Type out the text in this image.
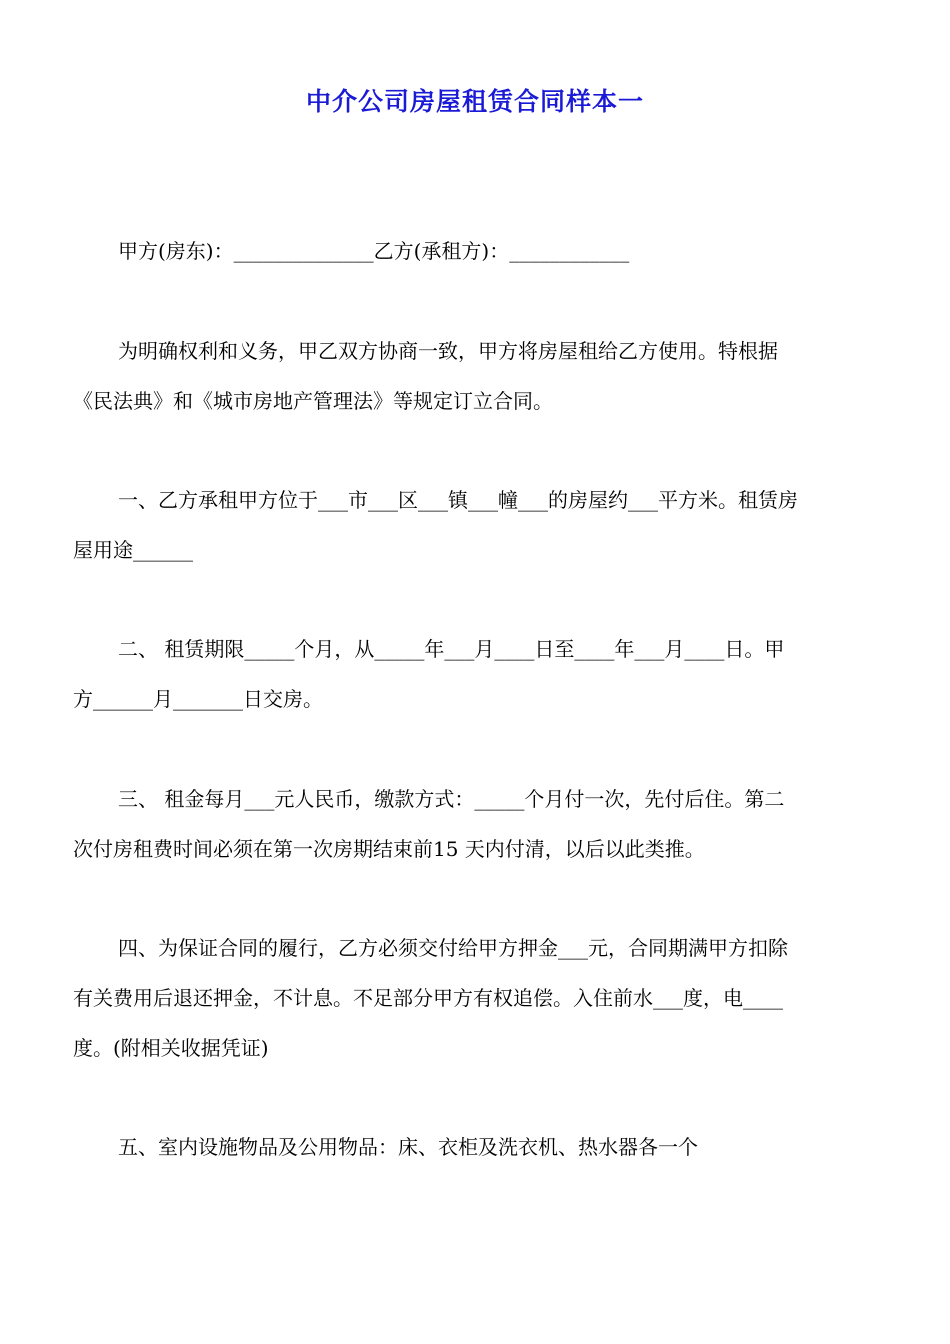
中介公司房屋租赁合同样本一
甲方(房东)：______________乙方(承租方)：____________
为明确权利和义务，甲乙双方协商一致，甲方将房屋租给乙方使用。特根据
《民法典》和《城市房地产管理法》等规定订立合同。
一、乙方承租甲方位于___市___区___镇___幢___的房屋约___平方米。租赁房
屋用途______
二、 租赁期限_____个月，从_____年___月____日至____年___月____日。甲
方______月_______日交房。
三、 租金每月___元人民币，缴款方式：_____个月付一次，先付后住。第二
次付房租费时间必须在第一次房期结束前15 天内付清，以后以此类推。
四、为保证合同的履行，乙方必须交付给甲方押金___元，合同期满甲方扣除
有关费用后退还押金，不计息。不足部分甲方有权追偿。入住前水___度，电____
度。(附相关收据凭证)
五、室内设施物品及公用物品：床、衣柜及洗衣机、热水器各一个
